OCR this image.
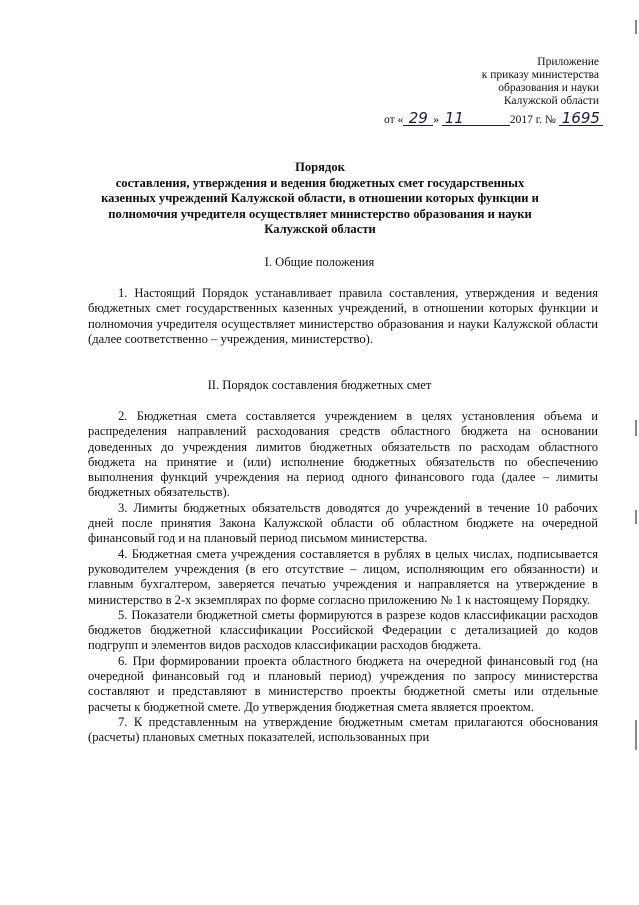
Приложение
к приказу министерства
образования и науки
Калужской области
от « 29 » 11	2017 г. № 1695
Порядок
составления, утверждения и ведения бюджетных смет государственных казенных учреждений Калужской области, в отношении которых функции и полномочия учредителя осуществляет министерство образования и науки Калужской области
I. Общие положения

1. Настоящий Порядок устанавливает правила составления, утверждения и ведения бюджетных смет государственных казенных учреждений, в отношении которых функции и полномочия учредителя осуществляет министерство образования и науки Калужской области (далее соответственно – учреждения, министерство).

II. Порядок составления бюджетных смет

2. Бюджетная смета составляется учреждением в целях установления объема и распределения направлений расходования средств областного бюджета на основании доведенных до учреждения лимитов бюджетных обязательств по расходам областного бюджета на принятие и (или) исполнение бюджетных обязательств по обеспечению выполнения функций учреждения на период одного финансового года (далее – лимиты бюджетных обязательств).

3. Лимиты бюджетных обязательств доводятся до учреждений в течение 10 рабочих дней после принятия Закона Калужской области об областном бюджете на очередной финансовый год и на плановый период письмом министерства.

4. Бюджетная смета учреждения составляется в рублях в целых числах, подписывается руководителем учреждения (в его отсутствие – лицом, исполняющим его обязанности) и главным бухгалтером, заверяется печатью учреждения и направляется на утверждение в министерство в 2-х экземплярах по форме согласно приложению № 1 к настоящему Порядку.

5. Показатели бюджетной сметы формируются в разрезе кодов классификации расходов бюджетов бюджетной классификации Российской Федерации с детализацией до кодов подгрупп и элементов видов расходов классификации расходов бюджета.

6. При формировании проекта областного бюджета на очередной финансовый год (на очередной финансовый год и плановый период) учреждения по запросу министерства составляют и представляют в министерство проекты бюджетной сметы или отдельные расчеты к бюджетной смете. До утверждения бюджетная смета является проектом.

7. К представленным на утверждение бюджетным сметам прилагаются обоснования (расчеты) плановых сметных показателей, использованных при
